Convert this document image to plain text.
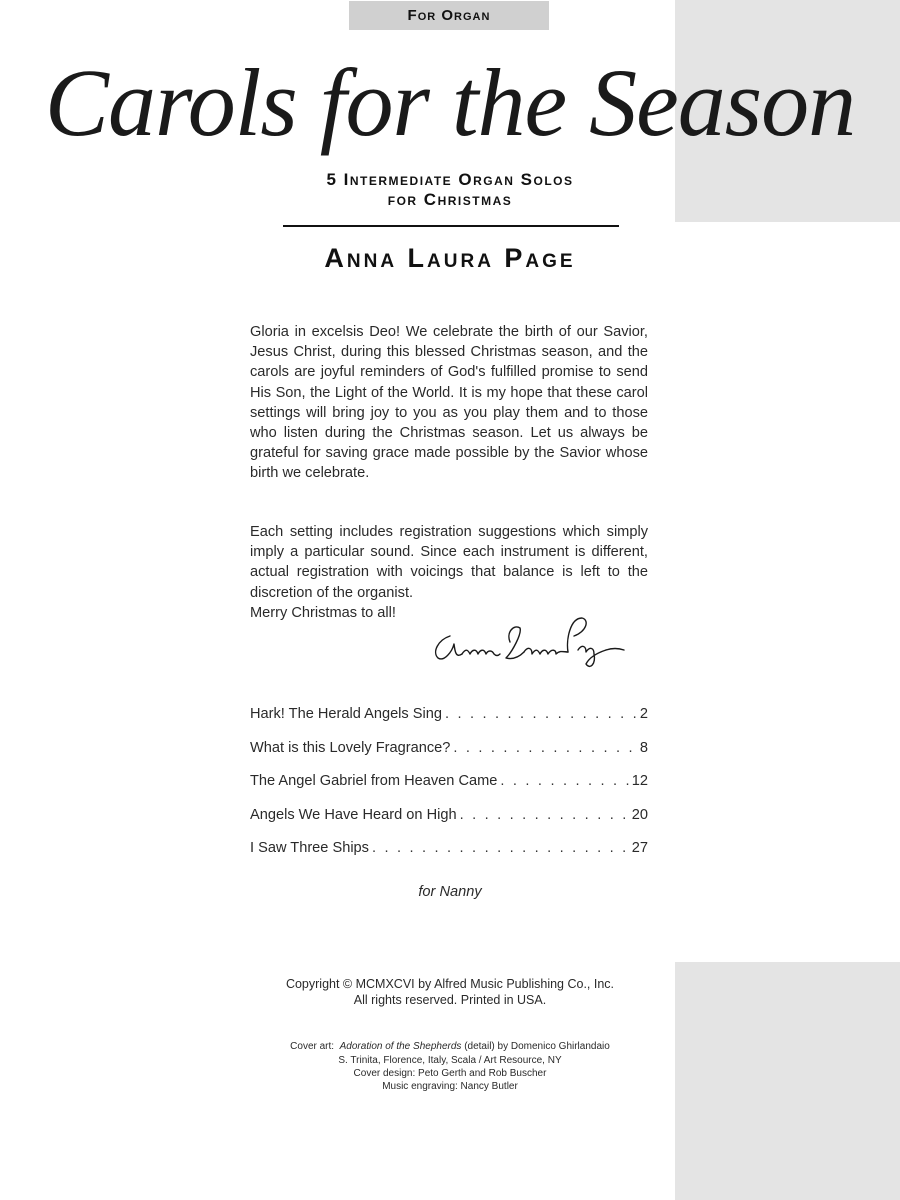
For Organ
Carols for the Season
5 Intermediate Organ Solos
for Christmas
Anna Laura Page

Gloria in excelsis Deo! We celebrate the birth of our Savior, Jesus Christ, during this blessed Christmas season, and the carols are joyful reminders of God's fulfilled promise to send His Son, the Light of the World. It is my hope that these carol settings will bring joy to you as you play them and to those who listen during the Christmas season. Let us always be grateful for saving grace made possible by the Savior whose birth we celebrate.

Each setting includes registration suggestions which simply imply a particular sound. Since each instrument is different, actual registration with voicings that balance is left to the discretion of the organist.

Merry Christmas to all!
Hark! The Herald Angels Sing . . .	2
What is this Lovely Fragrance? . . .	8
The Angel Gabriel from Heaven Came . . .	12
Angels We Have Heard on High . . .	20
I Saw Three Ships . . .	27
for Nanny
Copyright © MCMXCVI by Alfred Music Publishing Co., Inc.
All rights reserved. Printed in USA.
Cover art: Adoration of the Shepherds (detail) by Domenico Ghirlandaio
S. Trinita, Florence, Italy, Scala / Art Resource, NY
Cover design: Peto Gerth and Rob Buscher
Music engraving: Nancy Butler
